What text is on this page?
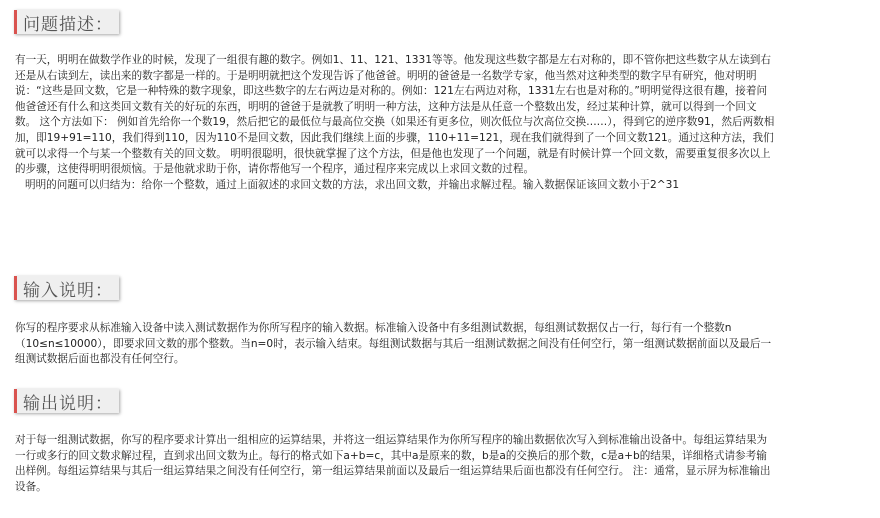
问题描述：

有一天，明明在做数学作业的时候，发现了一组很有趣的数字。例如1、11、121、1331等等。他发现这些数字都是左右对称的，即不管你把这些数字从左读到右还是从右读到左，读出来的数字都是一样的。于是明明就把这个发现告诉了他爸爸。明明的爸爸是一名数学专家，他当然对这种类型的数字早有研究，他对明明说：“这些是回文数，它是一种特殊的数字现象，即这些数字的左右两边是对称的。例如：121左右两边对称，1331左右也是对称的。”明明觉得这很有趣，接着问他爸爸还有什么和这类回文数有关的好玩的东西，明明的爸爸于是就教了明明一种方法，这种方法是从任意一个整数出发，经过某种计算，就可以得到一个回文数。 这个方法如下： 例如首先给你一个数19，然后把它的最低位与最高位交换（如果还有更多位，则次低位与次高位交换……），得到它的逆序数91，然后两数相加，即19+91=110，我们得到110，因为110不是回文数，因此我们继续上面的步骤，110+11=121，现在我们就得到了一个回文数121。通过这种方法，我们就可以求得一个与某一个整数有关的回文数。 明明很聪明，很快就掌握了这个方法，但是他也发现了一个问题，就是有时候计算一个回文数，需要重复很多次以上的步骤，这使得明明很烦恼。于是他就求助于你，请你帮他写一个程序，通过程序来完成以上求回文数的过程。

明明的问题可以归结为：给你一个整数，通过上面叙述的求回文数的方法，求出回文数，并输出求解过程。输入数据保证该回文数小于2^31

输入说明：

你写的程序要求从标准输入设备中读入测试数据作为你所写程序的输入数据。标准输入设备中有多组测试数据，每组测试数据仅占一行，每行有一个整数n（10≤n≤10000），即要求回文数的那个整数。当n=0时，表示输入结束。每组测试数据与其后一组测试数据之间没有任何空行，第一组测试数据前面以及最后一组测试数据后面也都没有任何空行。

输出说明：

对于每一组测试数据，你写的程序要求计算出一组相应的运算结果，并将这一组运算结果作为你所写程序的输出数据依次写入到标准输出设备中。每组运算结果为一行或多行的回文数求解过程，直到求出回文数为止。每行的格式如下a+b=c，其中a是原来的数，b是a的交换后的那个数，c是a+b的结果，详细格式请参考输出样例。每组运算结果与其后一组运算结果之间没有任何空行，第一组运算结果前面以及最后一组运算结果后面也都没有任何空行。 注：通常，显示屏为标准输出设备。
